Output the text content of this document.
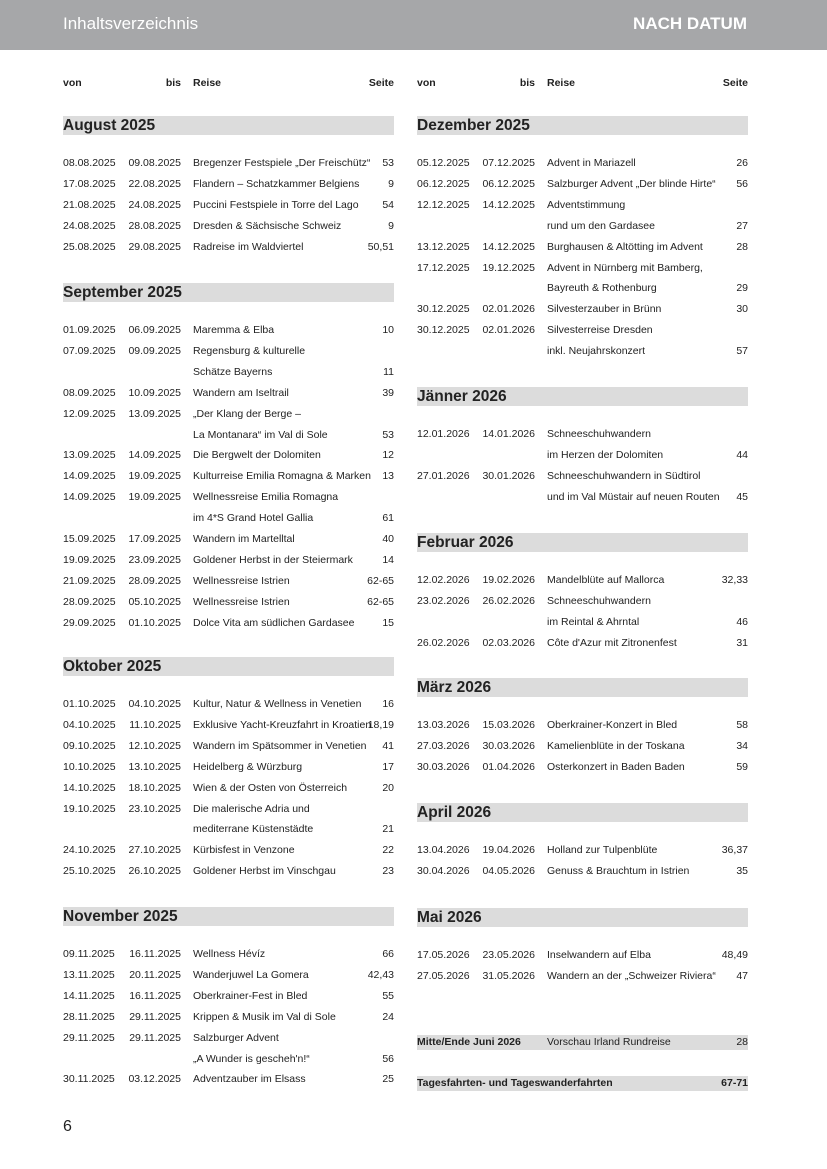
Inhaltsverzeichnis	NACH DATUM
von	bis Reise	Seite
August 2025
08.08.2025 09.08.2025 Bregenzer Festspiele „Der Freischütz“ 53
17.08.2025 22.08.2025 Flandern – Schatzkammer Belgiens	9
21.08.2025 24.08.2025 Puccini Festspiele in Torre del Lago 54
24.08.2025 28.08.2025 Dresden & Sächsische Schweiz	9
25.08.2025 29.08.2025 Radreise im Waldviertel	50,51
September 2025
01.09.2025 06.09.2025 Maremma & Elba	10
07.09.2025 09.09.2025 Regensburg & kulturelle
Schätze Bayerns	11
08.09.2025 10.09.2025 Wandern am Iseltrail	39
12.09.2025 13.09.2025 „Der Klang der Berge –
La Montanara“ im Val di Sole	53
13.09.2025 14.09.2025 Die Bergwelt der Dolomiten	12
14.09.2025 19.09.2025 Kulturreise Emilia Romagna & Marken 13
14.09.2025 19.09.2025 Wellnessreise Emilia Romagna
im 4*S Grand Hotel Gallia	61
15.09.2025 17.09.2025 Wandern im Martelltal	40
19.09.2025 23.09.2025 Goldener Herbst in der Steiermark	14
21.09.2025 28.09.2025 Wellnessreise Istrien	62-65
28.09.2025 05.10.2025 Wellnessreise Istrien	62-65
29.09.2025 01.10.2025 Dolce Vita am südlichen Gardasee	15
Oktober 2025
01.10.2025 04.10.2025 Kultur, Natur & Wellness in Venetien 16
04.10.2025 11.10.2025 Exklusive Yacht-Kreuzfahrt in Kroatien
18,19
09.10.2025 12.10.2025 Wandern im Spätsommer in Venetien 41
10.10.2025 13.10.2025 Heidelberg & Würzburg	17
14.10.2025 18.10.2025 Wien & der Osten von Österreich	20
19.10.2025 23.10.2025 Die malerische Adria und
mediterrane Küstenstädte	21
24.10.2025 27.10.2025 Kürbisfest in Venzone	22
25.10.2025 26.10.2025 Goldener Herbst im Vinschgau	23
November 2025
09.11.2025 16.11.2025 Wellness Hévíz	66
13.11.2025 20.11.2025 Wanderjuwel La Gomera	42,43
14.11.2025 16.11.2025 Oberkrainer-Fest in Bled	55
28.11.2025 29.11.2025 Krippen & Musik im Val di Sole	24
29.11.2025 29.11.2025 Salzburger Advent
„A Wunder is gescheh'n!“	56
30.11.2025 03.12.2025 Adventzauber im Elsass	25
von	bis Reise	Seite
Mitte/Ende Juni 2026 Vorschau Irland Rundreise	28
Tagesfahrten- und Tageswanderfahrten	67-71
Dezember 2025
05.12.2025 07.12.2025 Advent in Mariazell	26
06.12.2025 06.12.2025 Salzburger Advent „Der blinde Hirte“ 56
12.12.2025 14.12.2025 Adventstimmung
rund um den Gardasee	27
13.12.2025 14.12.2025 Burghausen & Altötting im Advent	28
17.12.2025 19.12.2025 Advent in Nürnberg mit Bamberg,
Bayreuth & Rothenburg	29
30.12.2025 02.01.2026 Silvesterzauber in Brünn	30
30.12.2025 02.01.2026 Silvesterreise Dresden
inkl. Neujahrskonzert	57
Jänner 2026
12.01.2026 14.01.2026 Schneeschuhwandern
im Herzen der Dolomiten	44
27.01.2026 30.01.2026 Schneeschuhwandern in Südtirol
und im Val Müstair auf neuen Routen 45
Februar 2026
12.02.2026 19.02.2026 Mandelblüte auf Mallorca	32,33
23.02.2026 26.02.2026 Schneeschuhwandern
im Reintal & Ahrntal	46
26.02.2026 02.03.2026 Côte d'Azur mit Zitronenfest	31
März 2026
13.03.2026 15.03.2026 Oberkrainer-Konzert in Bled	58
27.03.2026 30.03.2026 Kamelienblüte in der Toskana	34
30.03.2026 01.04.2026 Osterkonzert in Baden Baden	59
April 2026
13.04.2026 19.04.2026 Holland zur Tulpenblüte	36,37
30.04.2026 04.05.2026 Genuss & Brauchtum in Istrien	35
Mai 2026
17.05.2026 23.05.2026 Inselwandern auf Elba	48,49
27.05.2026 31.05.2026 Wandern an der „Schweizer Riviera“ 47
6
